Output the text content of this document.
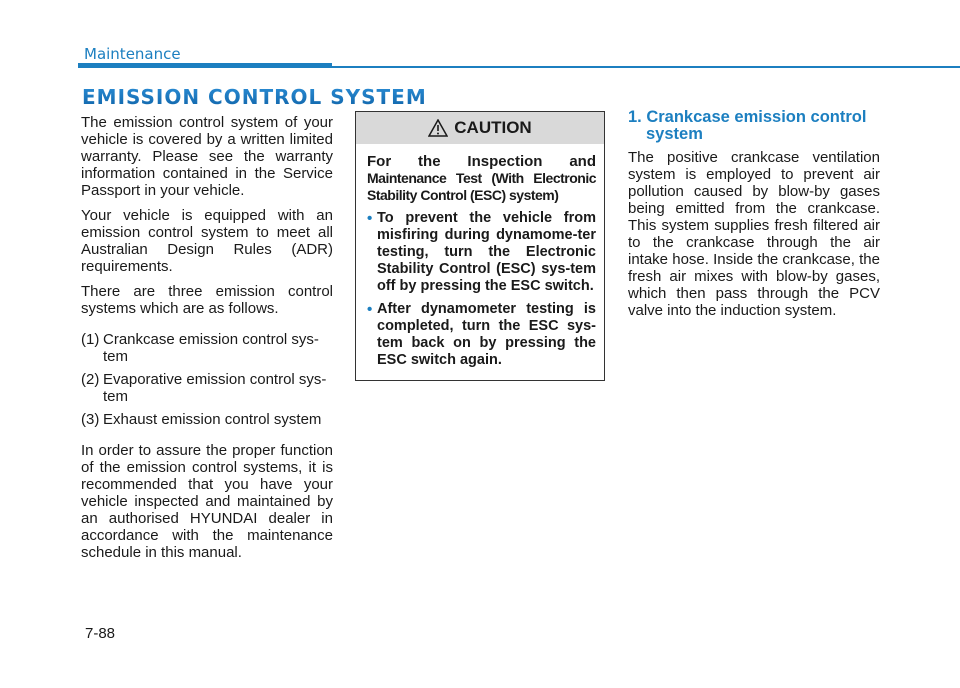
Maintenance
EMISSION CONTROL SYSTEM

The emission control system of your vehicle is covered by a written limited warranty. Please see the warranty information contained in the Service Passport in your vehicle.

Your vehicle is equipped with an emission control system to meet all Australian Design Rules (ADR) requirements.

There are three emission control systems which are as follows.

(1) Crankcase emission control sys-tem
(2) Evaporative emission control sys-tem
(3) Exhaust emission control system

In order to assure the proper function of the emission control systems, it is recommended that you have your vehicle inspected and maintained by an authorised HYUNDAI dealer in accordance with the maintenance schedule in this manual.

CAUTION
For the Inspection and
Maintenance Test (With Electronic Stability Control (ESC) system)
• To prevent the vehicle from misfiring during dynamome-ter testing, turn the Electronic Stability Control (ESC) sys-tem off by pressing the ESC switch.
• After dynamometer testing is completed, turn the ESC sys-tem back on by pressing the ESC switch again.
1. Crankcase emission control
system

The positive crankcase ventilation system is employed to prevent air pollution caused by blow-by gases being emitted from the crankcase. This system supplies fresh filtered air to the crankcase through the air intake hose. Inside the crankcase, the fresh air mixes with blow-by gases, which then pass through the PCV valve into the induction system.

7-88
